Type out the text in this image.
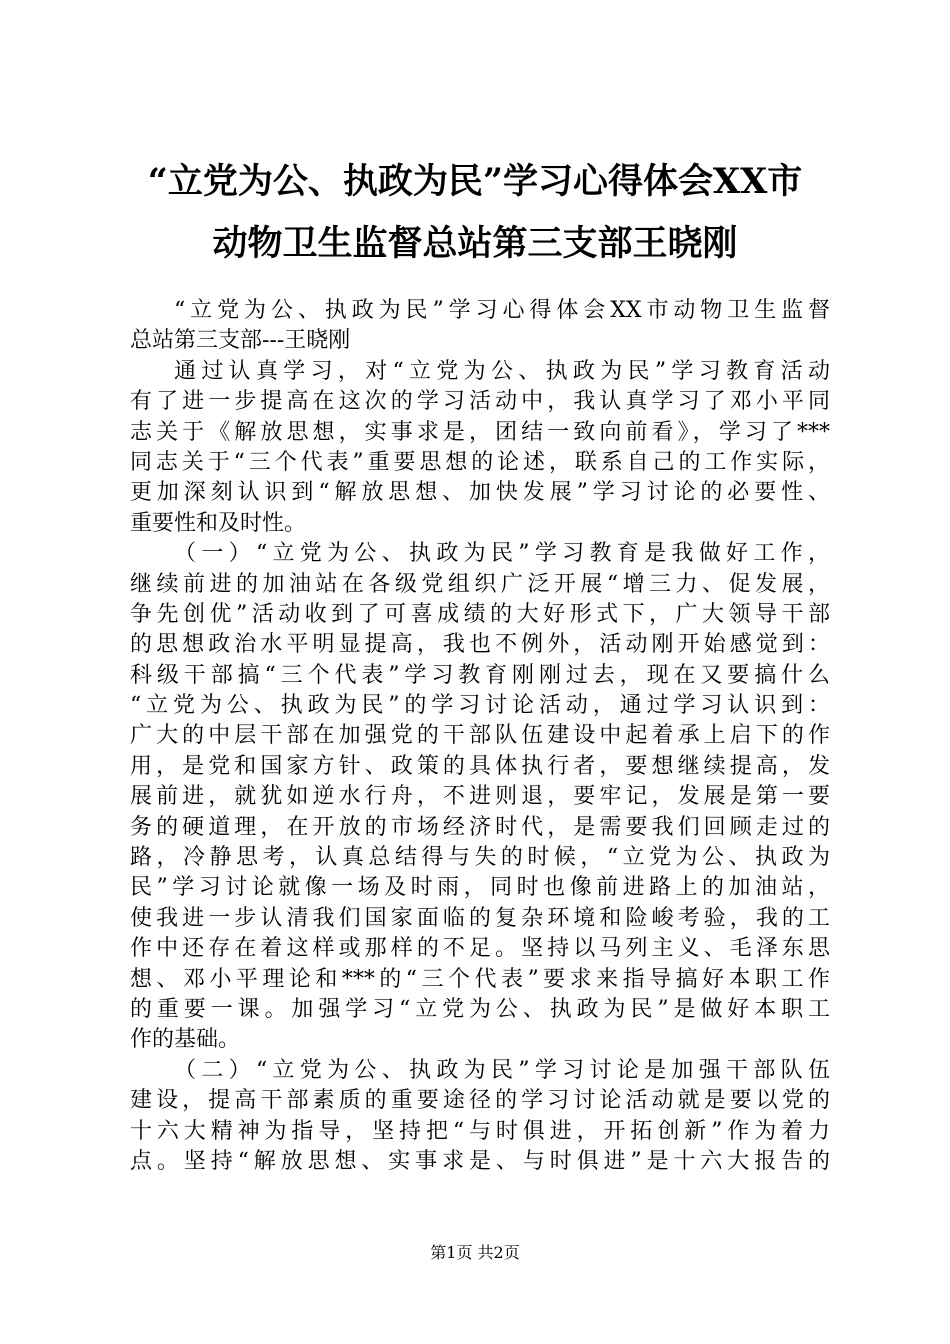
“立党为公、执政为民”学习心得体会XX市
动物卫生监督总站第三支部王晓刚
“立党为公、执政为民”学习心得体会XX市动物卫生监督
总站第三支部---王晓刚
通过认真学习，对“立党为公、执政为民”学习教育活动
有了进一步提高在这次的学习活动中，我认真学习了邓小平同
志关于《解放思想，实事求是，团结一致向前看》，学习了***
同志关于“三个代表”重要思想的论述，联系自己的工作实际，
更加深刻认识到“解放思想、加快发展”学习讨论的必要性、
重要性和及时性。
（一）“立党为公、执政为民”学习教育是我做好工作，
继续前进的加油站在各级党组织广泛开展“增三力、促发展，
争先创优”活动收到了可喜成绩的大好形式下，广大领导干部
的思想政治水平明显提高，我也不例外，活动刚开始感觉到：
科级干部搞“三个代表”学习教育刚刚过去，现在又要搞什么
“立党为公、执政为民”的学习讨论活动，通过学习认识到：
广大的中层干部在加强党的干部队伍建设中起着承上启下的作
用，是党和国家方针、政策的具体执行者，要想继续提高，发
展前进，就犹如逆水行舟，不进则退，要牢记，发展是第一要
务的硬道理，在开放的市场经济时代，是需要我们回顾走过的
路，冷静思考，认真总结得与失的时候，“立党为公、执政为
民”学习讨论就像一场及时雨，同时也像前进路上的加油站，
使我进一步认清我们国家面临的复杂环境和险峻考验，我的工
作中还存在着这样或那样的不足。坚持以马列主义、毛泽东思
想、邓小平理论和***的“三个代表”要求来指导搞好本职工作
的重要一课。加强学习“立党为公、执政为民”是做好本职工
作的基础。
（二）“立党为公、执政为民”学习讨论是加强干部队伍
建设，提高干部素质的重要途径的学习讨论活动就是要以党的
十六大精神为指导，坚持把“与时俱进，开拓创新”作为着力
点。坚持“解放思想、实事求是、与时俱进”是十六大报告的
第1页 共2页
